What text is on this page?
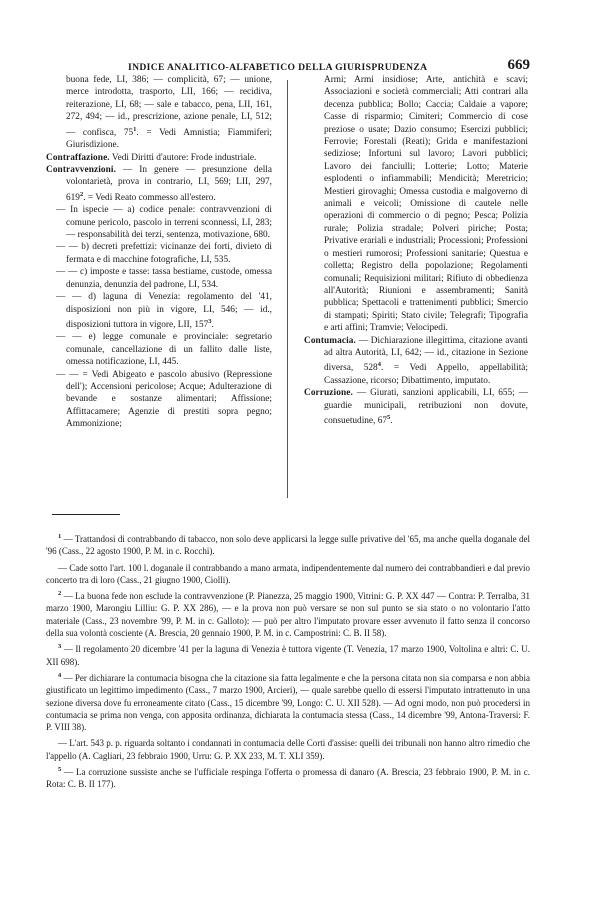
INDICE ANALITICO-ALFABETICO DELLA GIURISPRUDENZA	669

buona fede, LI, 386; — complicità, 67; — unione, merce introdotta, trasporto, LII, 166; — recidiva, reiterazione, LI, 68; — sale e tabacco, pena, LII, 161, 272, 494; — id., prescrizione, azione penale, LI, 512; — confisca, $75^1$. = Vedi Amnistia; Fiammiferi; Giurisdizione.

Contraffazione. Vedi Diritti d'autore: Frode industriale.

Contravvenzioni. — In genere — presunzione della volontarietà, prova in contrario, LI, 569; LII, 297, $619^2$. = Vedi Reato commesso all'estero.

— In ispecie — a) codice penale: contravvenzioni di comune pericolo, pascolo in terreni sconnessi, LI, 283; — responsabilità dei terzi, sentenza, motivazione, 680.

— — b) decreti prefettizi: vicinanze dei forti, divieto di fermata e di macchine fotografiche, LI, 535.

— — c) imposte e tasse: tassa bestiame, custode, omessa denunzia, denunzia del padrone, LI, 534.

— — d) laguna di Venezia: regolamento del '41, disposizioni non più in vigore, LI, 546; — id., disposizioni tuttora in vigore, LII, $157^3$.

— — e) legge comunale e provinciale: segretario comunale, cancellazione di un fallito dalle liste, omessa notificazione, LI, 445.

— — = Vedi Abigeato e pascolo abusivo (Repressione dell'); Accensioni pericolose; Acque; Adulterazione di bevande e sostanze alimentari; Affissione; Affittacamere; Agenzie di prestiti sopra pegno; Ammonizione;

Armi; Armi insidiose; Arte, antichità e scavi; Associazioni e società commerciali; Atti contrari alla decenza pubblica; Bollo; Caccia; Caldaie a vapore; Casse di risparmio; Cimiteri; Commercio di cose preziose o usate; Dazio consumo; Esercizi pubblici; Ferrovie; Forestali (Reati); Grida e manifestazioni sediziose; Infortuni sul lavoro; Lavori pubblici; Lavoro dei fanciulli; Lotterie; Lotto; Materie esplodenti o infiammabili; Mendicità; Meretricio; Mestieri girovaghi; Omessa custodia e malgoverno di animali e veicoli; Omissione di cautele nelle operazioni di commercio o di pegno; Pesca; Polizia rurale; Polizia stradale; Polveri piriche; Posta; Privative erariali e industriali; Processioni; Professioni o mestieri rumorosi; Professioni sanitarie; Questua e colletta; Registro della popolazione; Regolamenti comunali; Requisizioni militari; Rifiuto di obbedienza all'Autorità; Riunioni e assembramenti; Sanità pubblica; Spettacoli e trattenimenti pubblici; Smercio di stampati; Spiriti; Stato civile; Telegrafi; Tipografia e arti affini; Tramvie; Velocipedi.

Contumacia. — Dichiarazione illegittima, citazione avanti ad altra Autorità, LI, 642; — id., citazione in Sezione diversa, $528^4$. = Vedi Appello, appellabilità; Cassazione, ricorso; Dibattimento, imputato.

Corruzione. — Giurati, sanzioni applicabili, LI, 655; — guardie municipali, retribuzioni non dovute, consuetudine, $67^5$.

$^1$ — Trattandosi di contrabbando di tabacco, non solo deve applicarsi la legge sulle privative del '65, ma anche quella doganale del '96 (Cass., 22 agosto 1900, P. M. in c. Rocchi).

— Cade sotto l'art. 100 l. doganale il contrabbando a mano armata, indipendentemente dal numero dei contrabbandieri e dal previo concerto tra di loro (Cass., 21 giugno 1900, Ciolli).

$^2$ — La buona fede non esclude la contravvenzione (P. Pianezza, 25 maggio 1900, Vitrini: G. P. XX 447 — Contra: P. Terralba, 31 marzo 1900, Marongiu Lilliu: G. P. XX 286), — e la prova non può versare se non sul punto se sia stato o no volontario l'atto materiale (Cass., 23 novembre '99, P. M. in c. Galloto): — può per altro l'imputato provare esser avvenuto il fatto senza il concorso della sua volontà cosciente (A. Brescia, 20 gennaio 1900, P. M. in c. Campostrini: C. B. II 58).

$^3$ — Il regolamento 20 dicembre '41 per la laguna di Venezia è tuttora vigente (T. Venezia, 17 marzo 1900, Voltolina e altri: C. U. XII 698).

$^4$ — Per dichiarare la contumacia bisogna che la citazione sia fatta legalmente e che la persona citata non sia comparsa e non abbia giustificato un legittimo impedimento (Cass., 7 marzo 1900, Arcieri), — quale sarebbe quello di essersi l'imputato intrattenuto in una sezione diversa dove fu erroneamente citato (Cass., 15 dicembre '99, Longo: C. U. XII 528). — Ad ogni modo, non può procedersi in contumacia se prima non venga, con apposita ordinanza, dichiarata la contumacia stessa (Cass., 14 dicembre '99, Antona-Traversi: F. P. VIII 38).

— L'art. 543 p. p. riguarda soltanto i condannati in contumacia delle Corti d'assise: quelli dei tribunali non hanno altro rimedio che l'appello (A. Cagliari, 23 febbraio 1900, Urru: G. P. XX 233, M. T. XLI 359).

$^5$ — La corruzione sussiste anche se l'ufficiale respinga l'offerta o promessa di danaro (A. Brescia, 23 febbraio 1900, P. M. in c. Rota: C. B. II 177).
